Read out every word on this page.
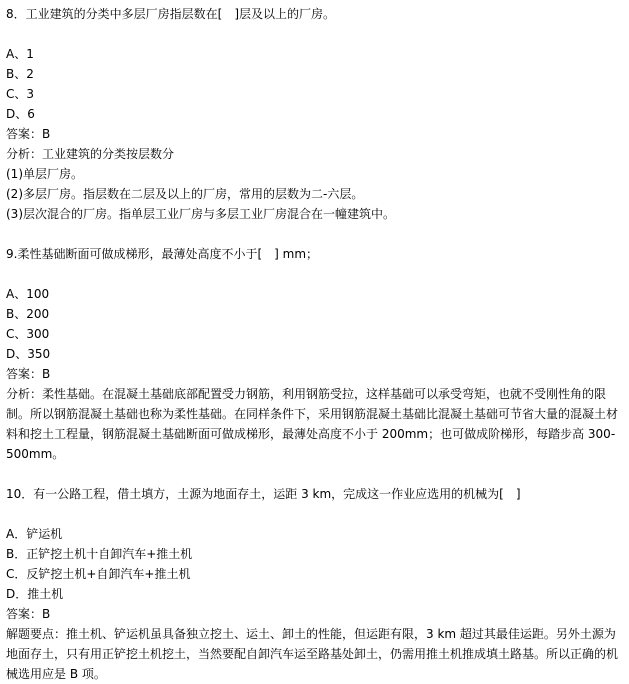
8．工业建筑的分类中多层厂房指层数在[　]层及以上的厂房。
A、1
B、2
C、3
D、6
答案：B
分析：工业建筑的分类按层数分
(1)单层厂房。
(2)多层厂房。指层数在二层及以上的厂房，常用的层数为二-六层。
(3)层次混合的厂房。指单层工业厂房与多层工业厂房混合在一幢建筑中。
9.柔性基础断面可做成梯形，最薄处高度不小于[　] mm；
A、100
B、200
C、300
D、350
答案：B
分析：柔性基础。在混凝土基础底部配置受力钢筋，利用钢筋受拉，这样基础可以承受弯矩，也就不受刚性角的限制。所以钢筋混凝土基础也称为柔性基础。在同样条件下，采用钢筋混凝土基础比混凝土基础可节省大量的混凝土材料和挖土工程量，钢筋混凝土基础断面可做成梯形，最薄处高度不小于 200mm；也可做成阶梯形，每踏步高 300-500mm。
10．有一公路工程，借土填方，土源为地面存土，运距 3 km，完成这一作业应选用的机械为[　]
A．铲运机
B．正铲挖土机十自卸汽车+推土机
C．反铲挖土机+自卸汽车+推土机
D．推土机
答案：B
解题要点：推土机、铲运机虽具备独立挖土、运土、卸土的性能，但运距有限，3 km 超过其最佳运距。另外土源为地面存土，只有用正铲挖土机挖土，当然要配自卸汽车运至路基处卸土，仍需用推土机推成填土路基。所以正确的机械选用应是 B 项。
